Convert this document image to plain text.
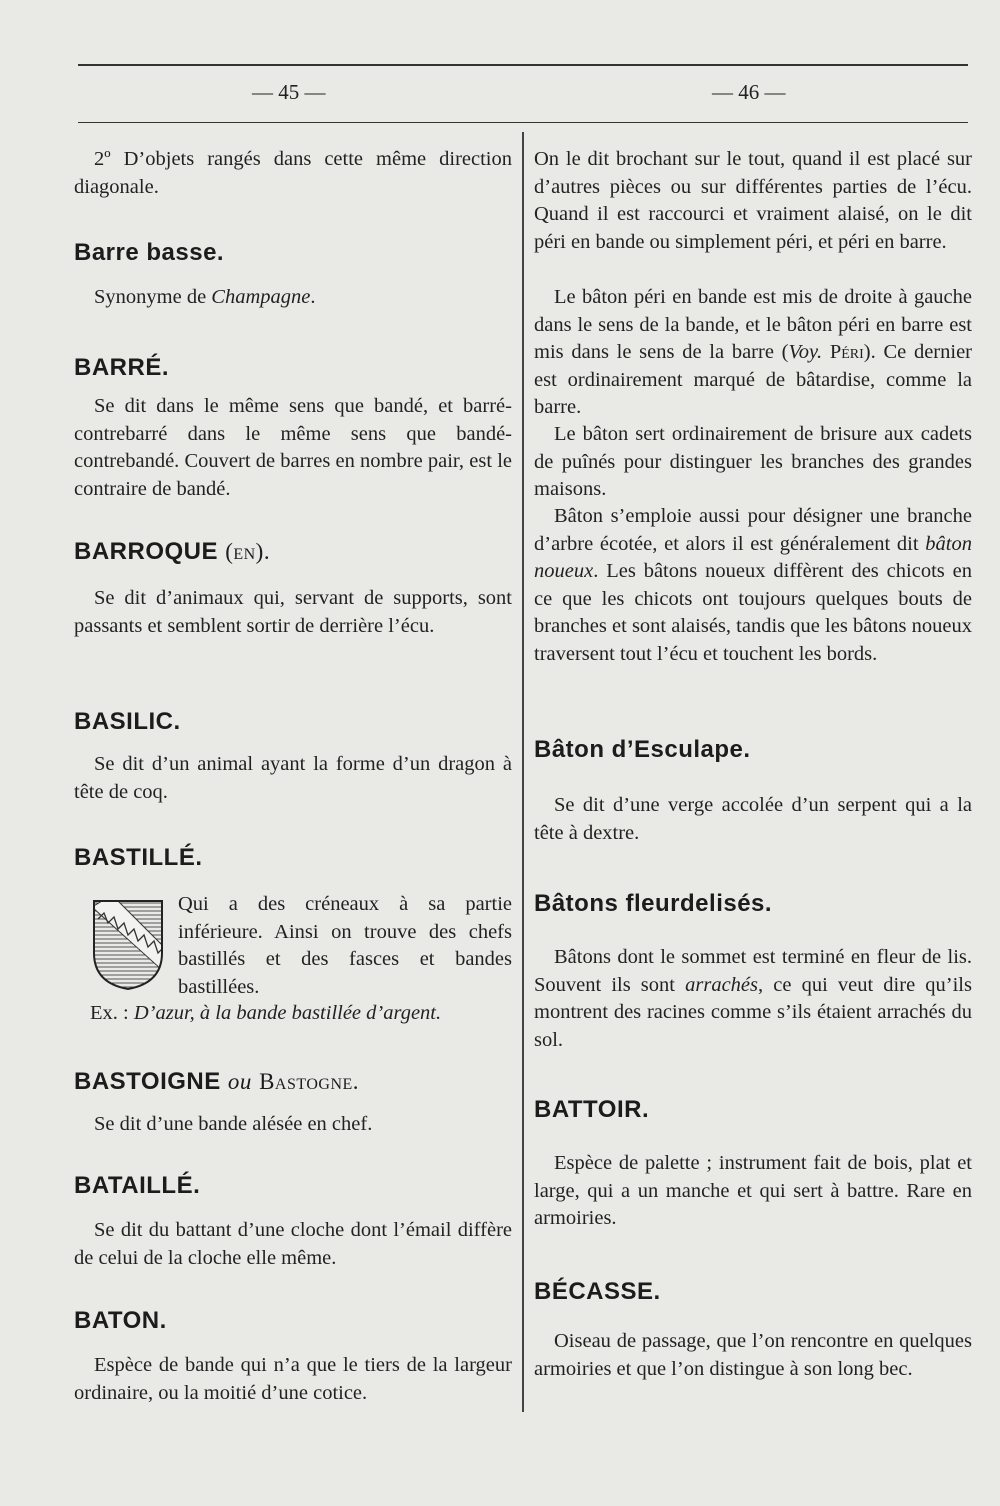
— 45 —	— 46 —

2º D’objets rangés dans cette même direction diagonale.

Barre basse.

Synonyme de Champagne.

BARRÉ.

Se dit dans le même sens que bandé, et barré-contrebarré dans le même sens que bandé-contrebandé. Couvert de barres en nombre pair, est le contraire de bandé.

BARROQUE (en).

Se dit d’animaux qui, servant de supports, sont passants et semblent sortir de derrière l’écu.

BASILIC.

Se dit d’un animal ayant la forme d’un dragon à tête de coq.

BASTILLÉ.

Qui a des créneaux à sa partie inférieure. Ainsi on trouve des chefs bastillés et des fasces et bandes bastillées.

Ex. : D’azur, à la bande bastillée d’argent.

BASTOIGNE ou Bastogne.

Se dit d’une bande alésée en chef.

BATAILLÉ.

Se dit du battant d’une cloche dont l’émail diffère de celui de la cloche elle même.

BATON.

Espèce de bande qui n’a que le tiers de la largeur ordinaire, ou la moitié d’une cotice.

On le dit brochant sur le tout, quand il est placé sur d’autres pièces ou sur différentes parties de l’écu. Quand il est raccourci et vraiment alaisé, on le dit péri en bande ou simplement péri, et péri en barre.

Le bâton péri en bande est mis de droite à gauche dans le sens de la bande, et le bâton péri en barre est mis dans le sens de la barre (Voy. Péri). Ce dernier est ordinairement marqué de bâtardise, comme la barre.

Le bâton sert ordinairement de brisure aux cadets de puînés pour distinguer les branches des grandes maisons.

Bâton s’emploie aussi pour désigner une branche d’arbre écotée, et alors il est généralement dit bâton noueux. Les bâtons noueux diffèrent des chicots en ce que les chicots ont toujours quelques bouts de branches et sont alaisés, tandis que les bâtons noueux traversent tout l’écu et touchent les bords.

Bâton d’Esculape.

Se dit d’une verge accolée d’un serpent qui a la tête à dextre.

Bâtons fleurdelisés.

Bâtons dont le sommet est terminé en fleur de lis. Souvent ils sont arrachés, ce qui veut dire qu’ils montrent des racines comme s’ils étaient arrachés du sol.

BATTOIR.

Espèce de palette ; instrument fait de bois, plat et large, qui a un manche et qui sert à battre. Rare en armoiries.

BÉCASSE.

Oiseau de passage, que l’on rencontre en quelques armoiries et que l’on distingue à son long bec.
